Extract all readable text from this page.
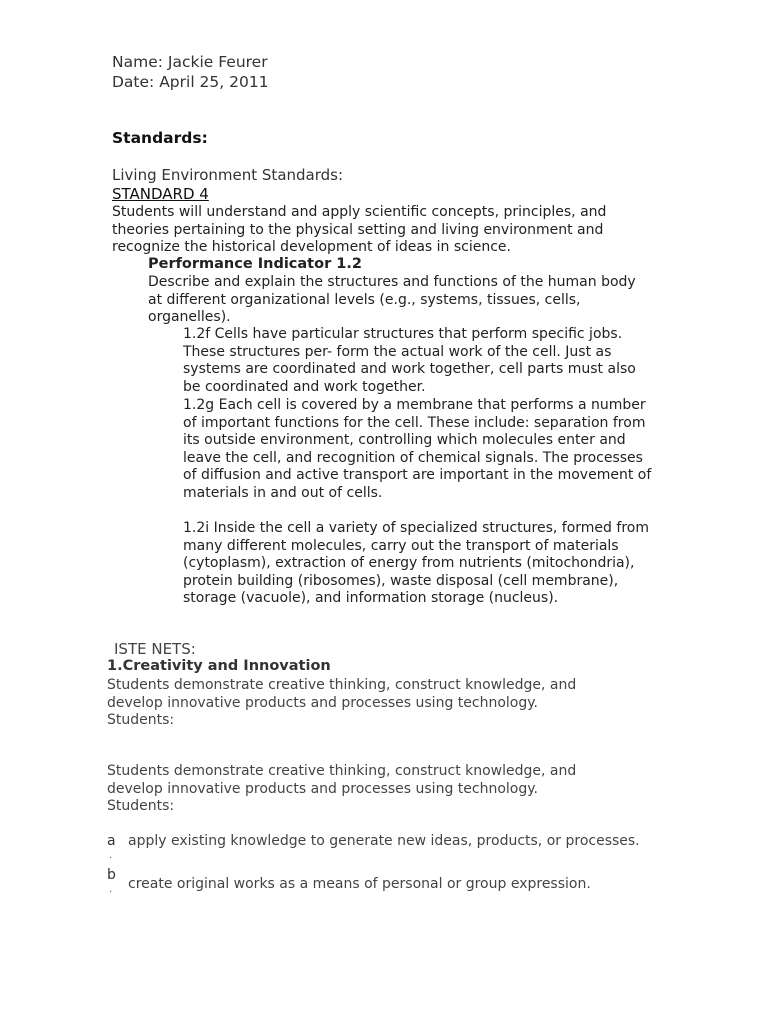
Name: Jackie Feurer

Date: April 25, 2011

Standards:

Living Environment Standards:

STANDARD 4

Students will understand and apply scientific concepts, principles, and theories pertaining to the physical setting and living environment and recognize the historical development of ideas in science.

Performance Indicator 1.2

Describe and explain the structures and functions of the human body at different organizational levels (e.g., systems, tissues, cells, organelles).

1.2f Cells have particular structures that perform specific jobs. These structures per- form the actual work of the cell. Just as systems are coordinated and work together, cell parts must also be coordinated and work together.

1.2g Each cell is covered by a membrane that performs a number of important functions for the cell. These include: separation from its outside environment, controlling which molecules enter and leave the cell, and recognition of chemical signals. The processes of diffusion and active transport are important in the movement of materials in and out of cells.

1.2i Inside the cell a variety of specialized structures, formed from many different molecules, carry out the transport of materials (cytoplasm), extraction of energy from nutrients (mitochondria), protein building (ribosomes), waste disposal (cell membrane), storage (vacuole), and information storage (nucleus).

ISTE NETS:

1.Creativity and Innovation

Students demonstrate creative thinking, construct knowledge, and develop innovative products and processes using technology. Students:

Students demonstrate creative thinking, construct knowledge, and develop innovative products and processes using technology. Students:

a
.

apply existing knowledge to generate new ideas, products, or processes.

b
. create original works as a means of personal or group expression.
